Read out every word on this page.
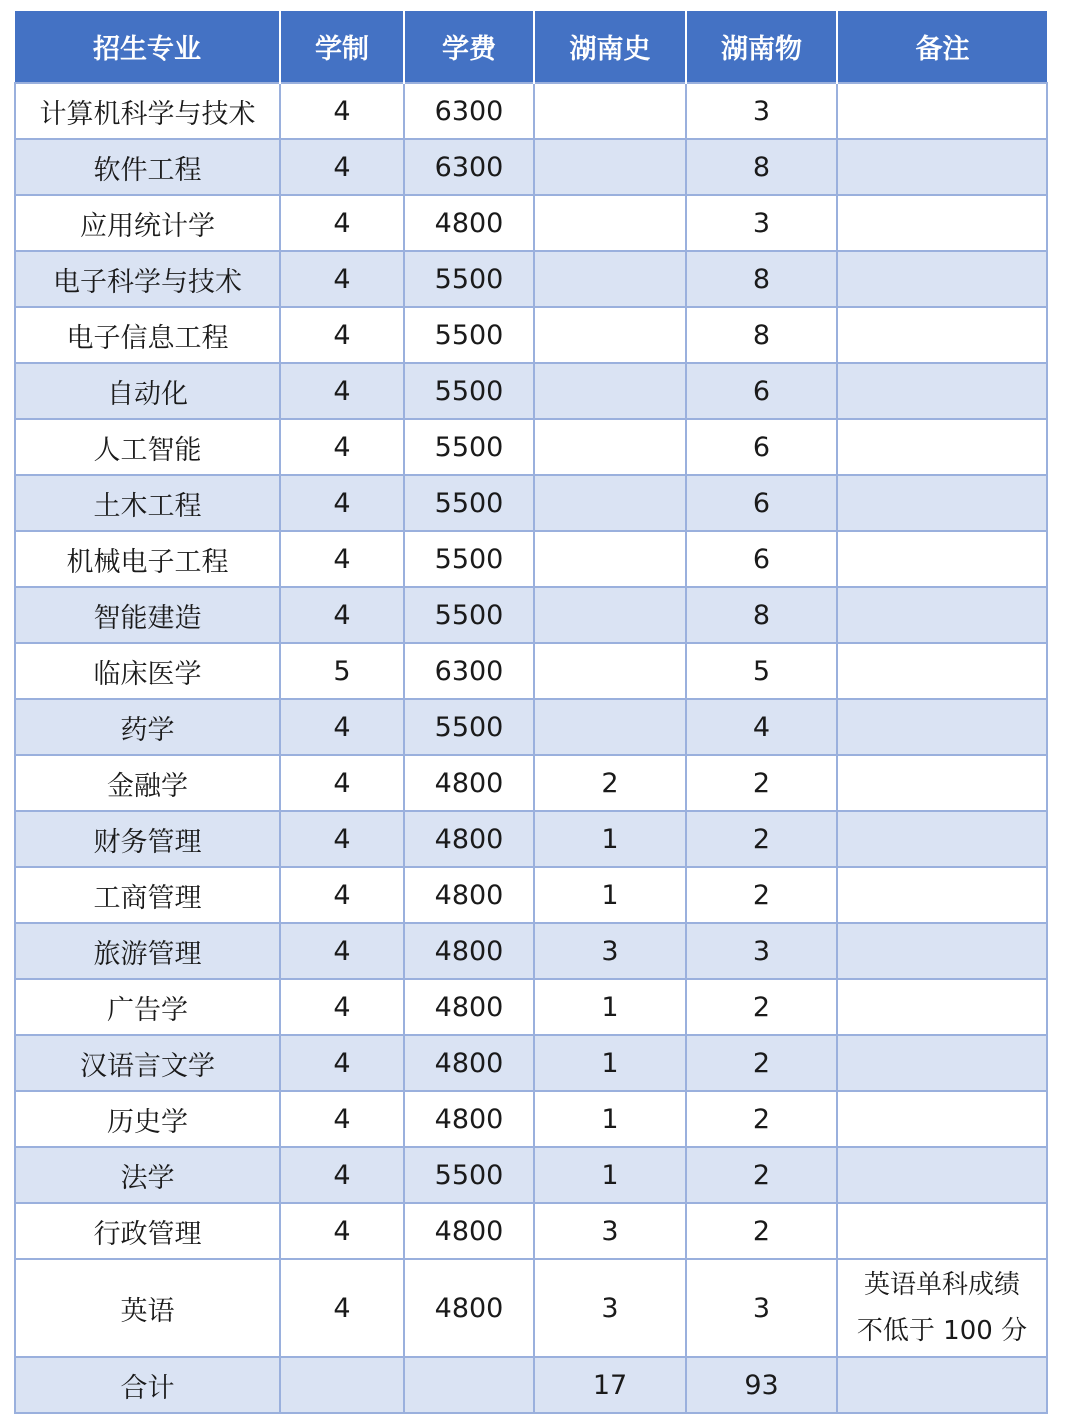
招生专业	学制	学费	湖南史	湖南物	备注
计算机科学与技术	4	6300		3	
软件工程	4	6300		8	
应用统计学	4	4800		3	
电子科学与技术	4	5500		8	
电子信息工程	4	5500		8	
自动化	4	5500		6	
人工智能	4	5500		6	
土木工程	4	5500		6	
机械电子工程	4	5500		6	
智能建造	4	5500		8	
临床医学	5	6300		5	
药学	4	5500		4	
金融学	4	4800	2	2	
财务管理	4	4800	1	2	
工商管理	4	4800	1	2	
旅游管理	4	4800	3	3	
广告学	4	4800	1	2	
汉语言文学	4	4800	1	2	
历史学	4	4800	1	2	
法学	4	5500	1	2	
行政管理	4	4800	3	2	
英语	4	4800	3	3	英语单科成绩
不低于 100 分

合计			17	93	
